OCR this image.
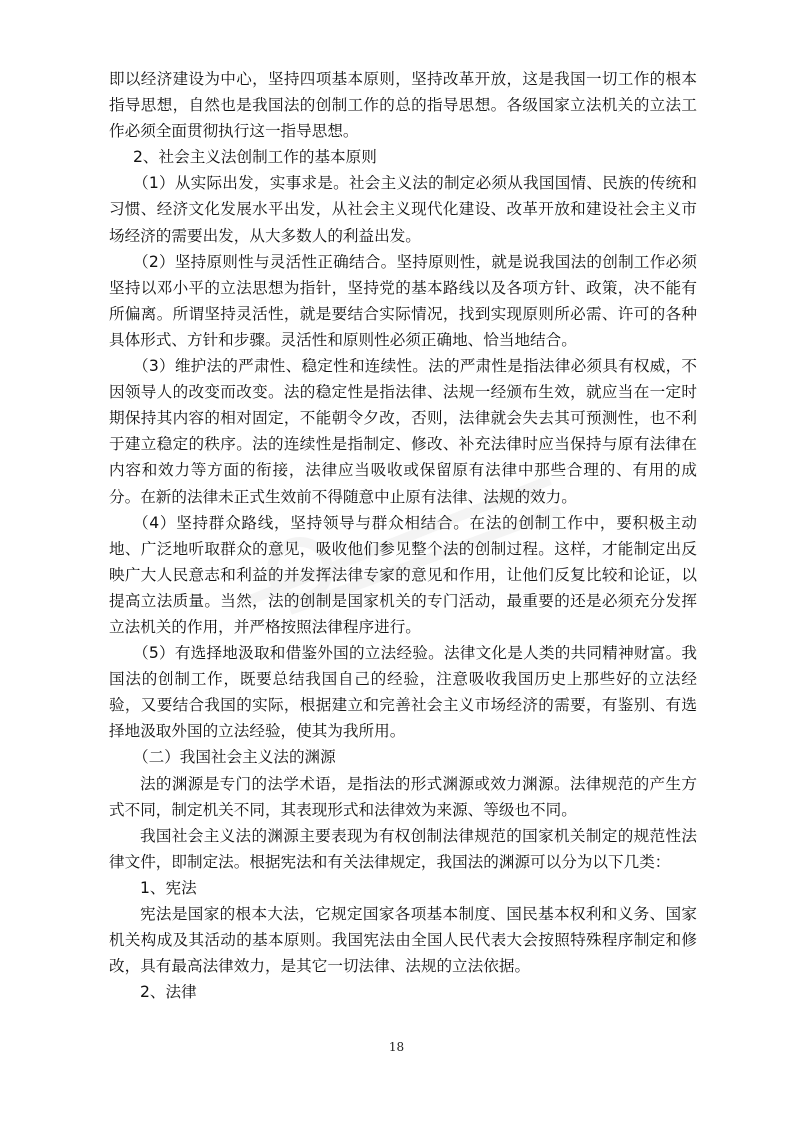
即以经济建设为中心，坚持四项基本原则，坚持改革开放，这是我国一切工作的根本指导思想，自然也是我国法的创制工作的总的指导思想。各级国家立法机关的立法工作必须全面贯彻执行这一指导思想。

2、社会主义法创制工作的基本原则

（1）从实际出发，实事求是。社会主义法的制定必须从我国国情、民族的传统和习惯、经济文化发展水平出发，从社会主义现代化建设、改革开放和建设社会主义市场经济的需要出发，从大多数人的利益出发。

（2）坚持原则性与灵活性正确结合。坚持原则性，就是说我国法的创制工作必须坚持以邓小平的立法思想为指针，坚持党的基本路线以及各项方针、政策，决不能有所偏离。所谓坚持灵活性，就是要结合实际情况，找到实现原则所必需、许可的各种具体形式、方针和步骤。灵活性和原则性必须正确地、恰当地结合。

（3）维护法的严肃性、稳定性和连续性。法的严肃性是指法律必须具有权威，不因领导人的改变而改变。法的稳定性是指法律、法规一经颁布生效，就应当在一定时期保持其内容的相对固定，不能朝令夕改，否则，法律就会失去其可预测性，也不利于建立稳定的秩序。法的连续性是指制定、修改、补充法律时应当保持与原有法律在内容和效力等方面的衔接，法律应当吸收或保留原有法律中那些合理的、有用的成分。在新的法律未正式生效前不得随意中止原有法律、法规的效力。

（4）坚持群众路线，坚持领导与群众相结合。在法的创制工作中，要积极主动地、广泛地听取群众的意见，吸收他们参见整个法的创制过程。这样，才能制定出反映广大人民意志和利益的并发挥法律专家的意见和作用，让他们反复比较和论证，以提高立法质量。当然，法的创制是国家机关的专门活动，最重要的还是必须充分发挥立法机关的作用，并严格按照法律程序进行。

（5）有选择地汲取和借鉴外国的立法经验。法律文化是人类的共同精神财富。我国法的创制工作，既要总结我国自己的经验，注意吸收我国历史上那些好的立法经验，又要结合我国的实际，根据建立和完善社会主义市场经济的需要，有鉴别、有选择地汲取外国的立法经验，使其为我所用。

（二）我国社会主义法的渊源

法的渊源是专门的法学术语，是指法的形式渊源或效力渊源。法律规范的产生方式不同，制定机关不同，其表现形式和法律效为来源、等级也不同。

我国社会主义法的渊源主要表现为有权创制法律规范的国家机关制定的规范性法律文件，即制定法。根据宪法和有关法律规定，我国法的渊源可以分为以下几类：

1、宪法

宪法是国家的根本大法，它规定国家各项基本制度、国民基本权利和义务、国家机关构成及其活动的基本原则。我国宪法由全国人民代表大会按照特殊程序制定和修改，具有最高法律效力，是其它一切法律、法规的立法依据。

2、法律

18
